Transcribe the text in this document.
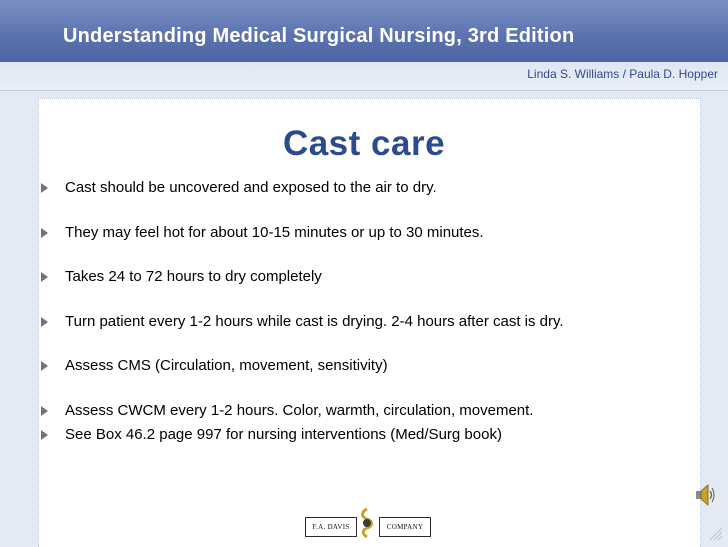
Understanding Medical Surgical Nursing, 3rd Edition
Linda S. Williams / Paula D. Hopper
Cast care
Cast should be uncovered and exposed to the air to dry.
They may feel hot for about 10-15 minutes or up to 30 minutes.
Takes 24 to 72 hours to dry completely
Turn patient every 1-2 hours while cast is drying. 2-4 hours after cast is dry.
Assess CMS (Circulation, movement, sensitivity)
Assess CWCM every 1-2 hours. Color, warmth, circulation, movement.
See Box 46.2 page 997 for nursing interventions (Med/Surg book)
F.A. DAVIS	COMPANY
